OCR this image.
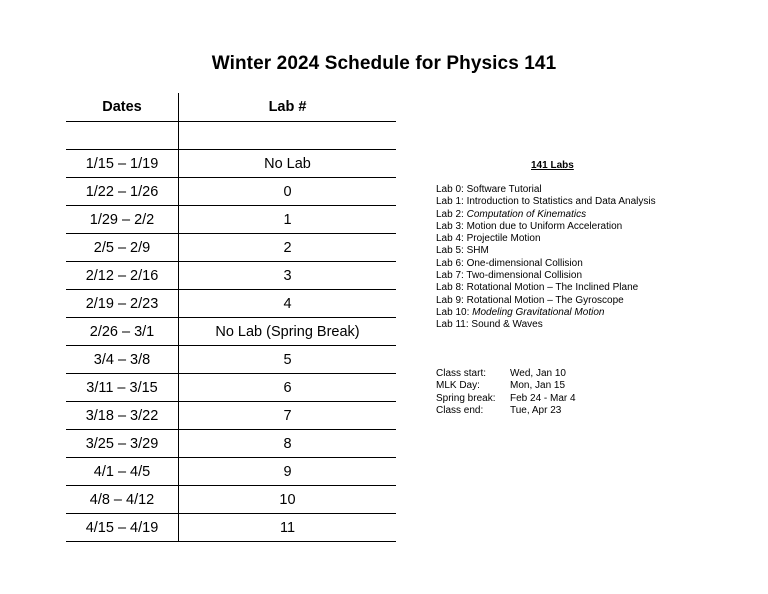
Winter 2024 Schedule for Physics 141
Dates	Lab #
1/15 – 1/19	No Lab
1/22 – 1/26	0
1/29 – 2/2	1
2/5 – 2/9	2
2/12 – 2/16	3
2/19 – 2/23	4
2/26 – 3/1	No Lab (Spring Break)
3/4 – 3/8	5
3/11 – 3/15	6
3/18 – 3/22	7
3/25 – 3/29	8
4/1 – 4/5	9
4/8 – 4/12	10
4/15 – 4/19	11
141 Labs
Lab 0: Software Tutorial
Lab 1: Introduction to Statistics and Data Analysis
Lab 2: Computation of Kinematics
Lab 3: Motion due to Uniform Acceleration
Lab 4: Projectile Motion
Lab 5: SHM
Lab 6: One-dimensional Collision
Lab 7: Two-dimensional Collision
Lab 8: Rotational Motion – The Inclined Plane
Lab 9: Rotational Motion – The Gyroscope
Lab 10: Modeling Gravitational Motion
Lab 11: Sound & Waves
Class start:	Wed, Jan 10
MLK Day:	Mon, Jan 15
Spring break:	Feb 24 - Mar 4
Class end:	Tue, Apr 23
